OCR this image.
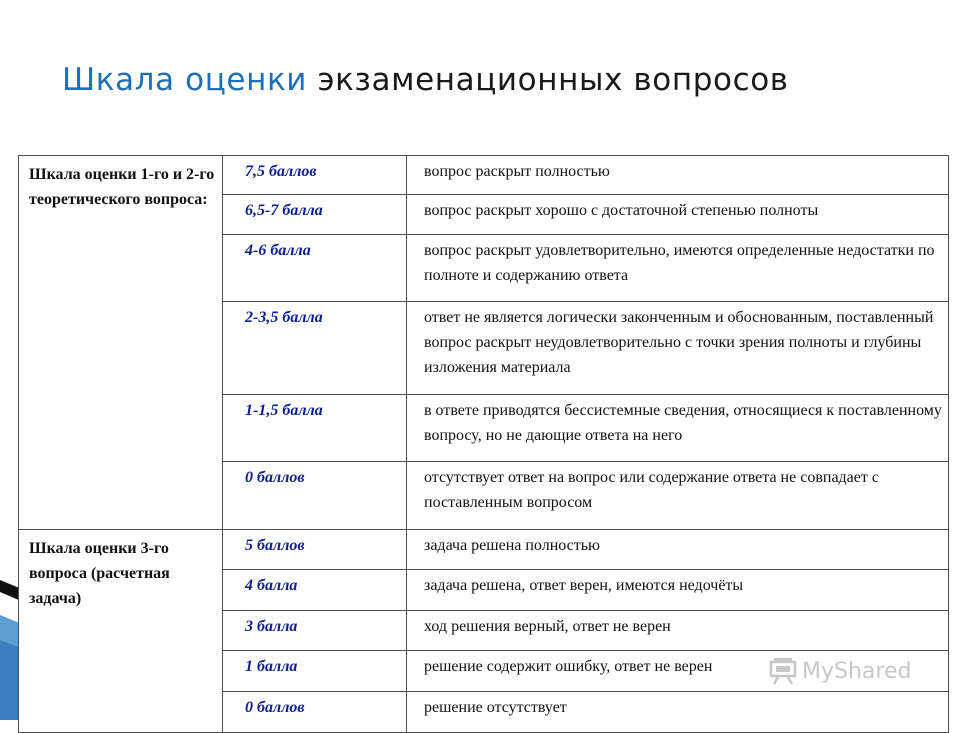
Шкала оценки экзаменационных вопросов
Шкала оценки 1-го и 2-го теоретического вопроса:	7,5 баллов	вопрос раскрыт полностью
	6,5-7 балла	вопрос раскрыт хорошо с достаточной степенью полноты
	4-6 балла	вопрос раскрыт удовлетворительно, имеются определенные недостатки по полноте и содержанию ответа
	2-3,5 балла	ответ не является логически законченным и обоснованным, поставленный вопрос раскрыт неудовлетворительно с точки зрения полноты и глубины изложения материала
	1-1,5 балла	в ответе приводятся бессистемные сведения, относящиеся к поставленному вопросу, но не дающие ответа на него
	0 баллов	отсутствует ответ на вопрос или содержание ответа не совпадает с поставленным вопросом
Шкала оценки 3-го вопроса (расчетная задача)	5 баллов	задача решена полностью
	4 балла	задача решена, ответ верен, имеются недочёты
	3 балла	ход решения верный, ответ не верен
	1 балла	решение содержит ошибку, ответ не верен
	0 баллов	решение отсутствует
MyShared
